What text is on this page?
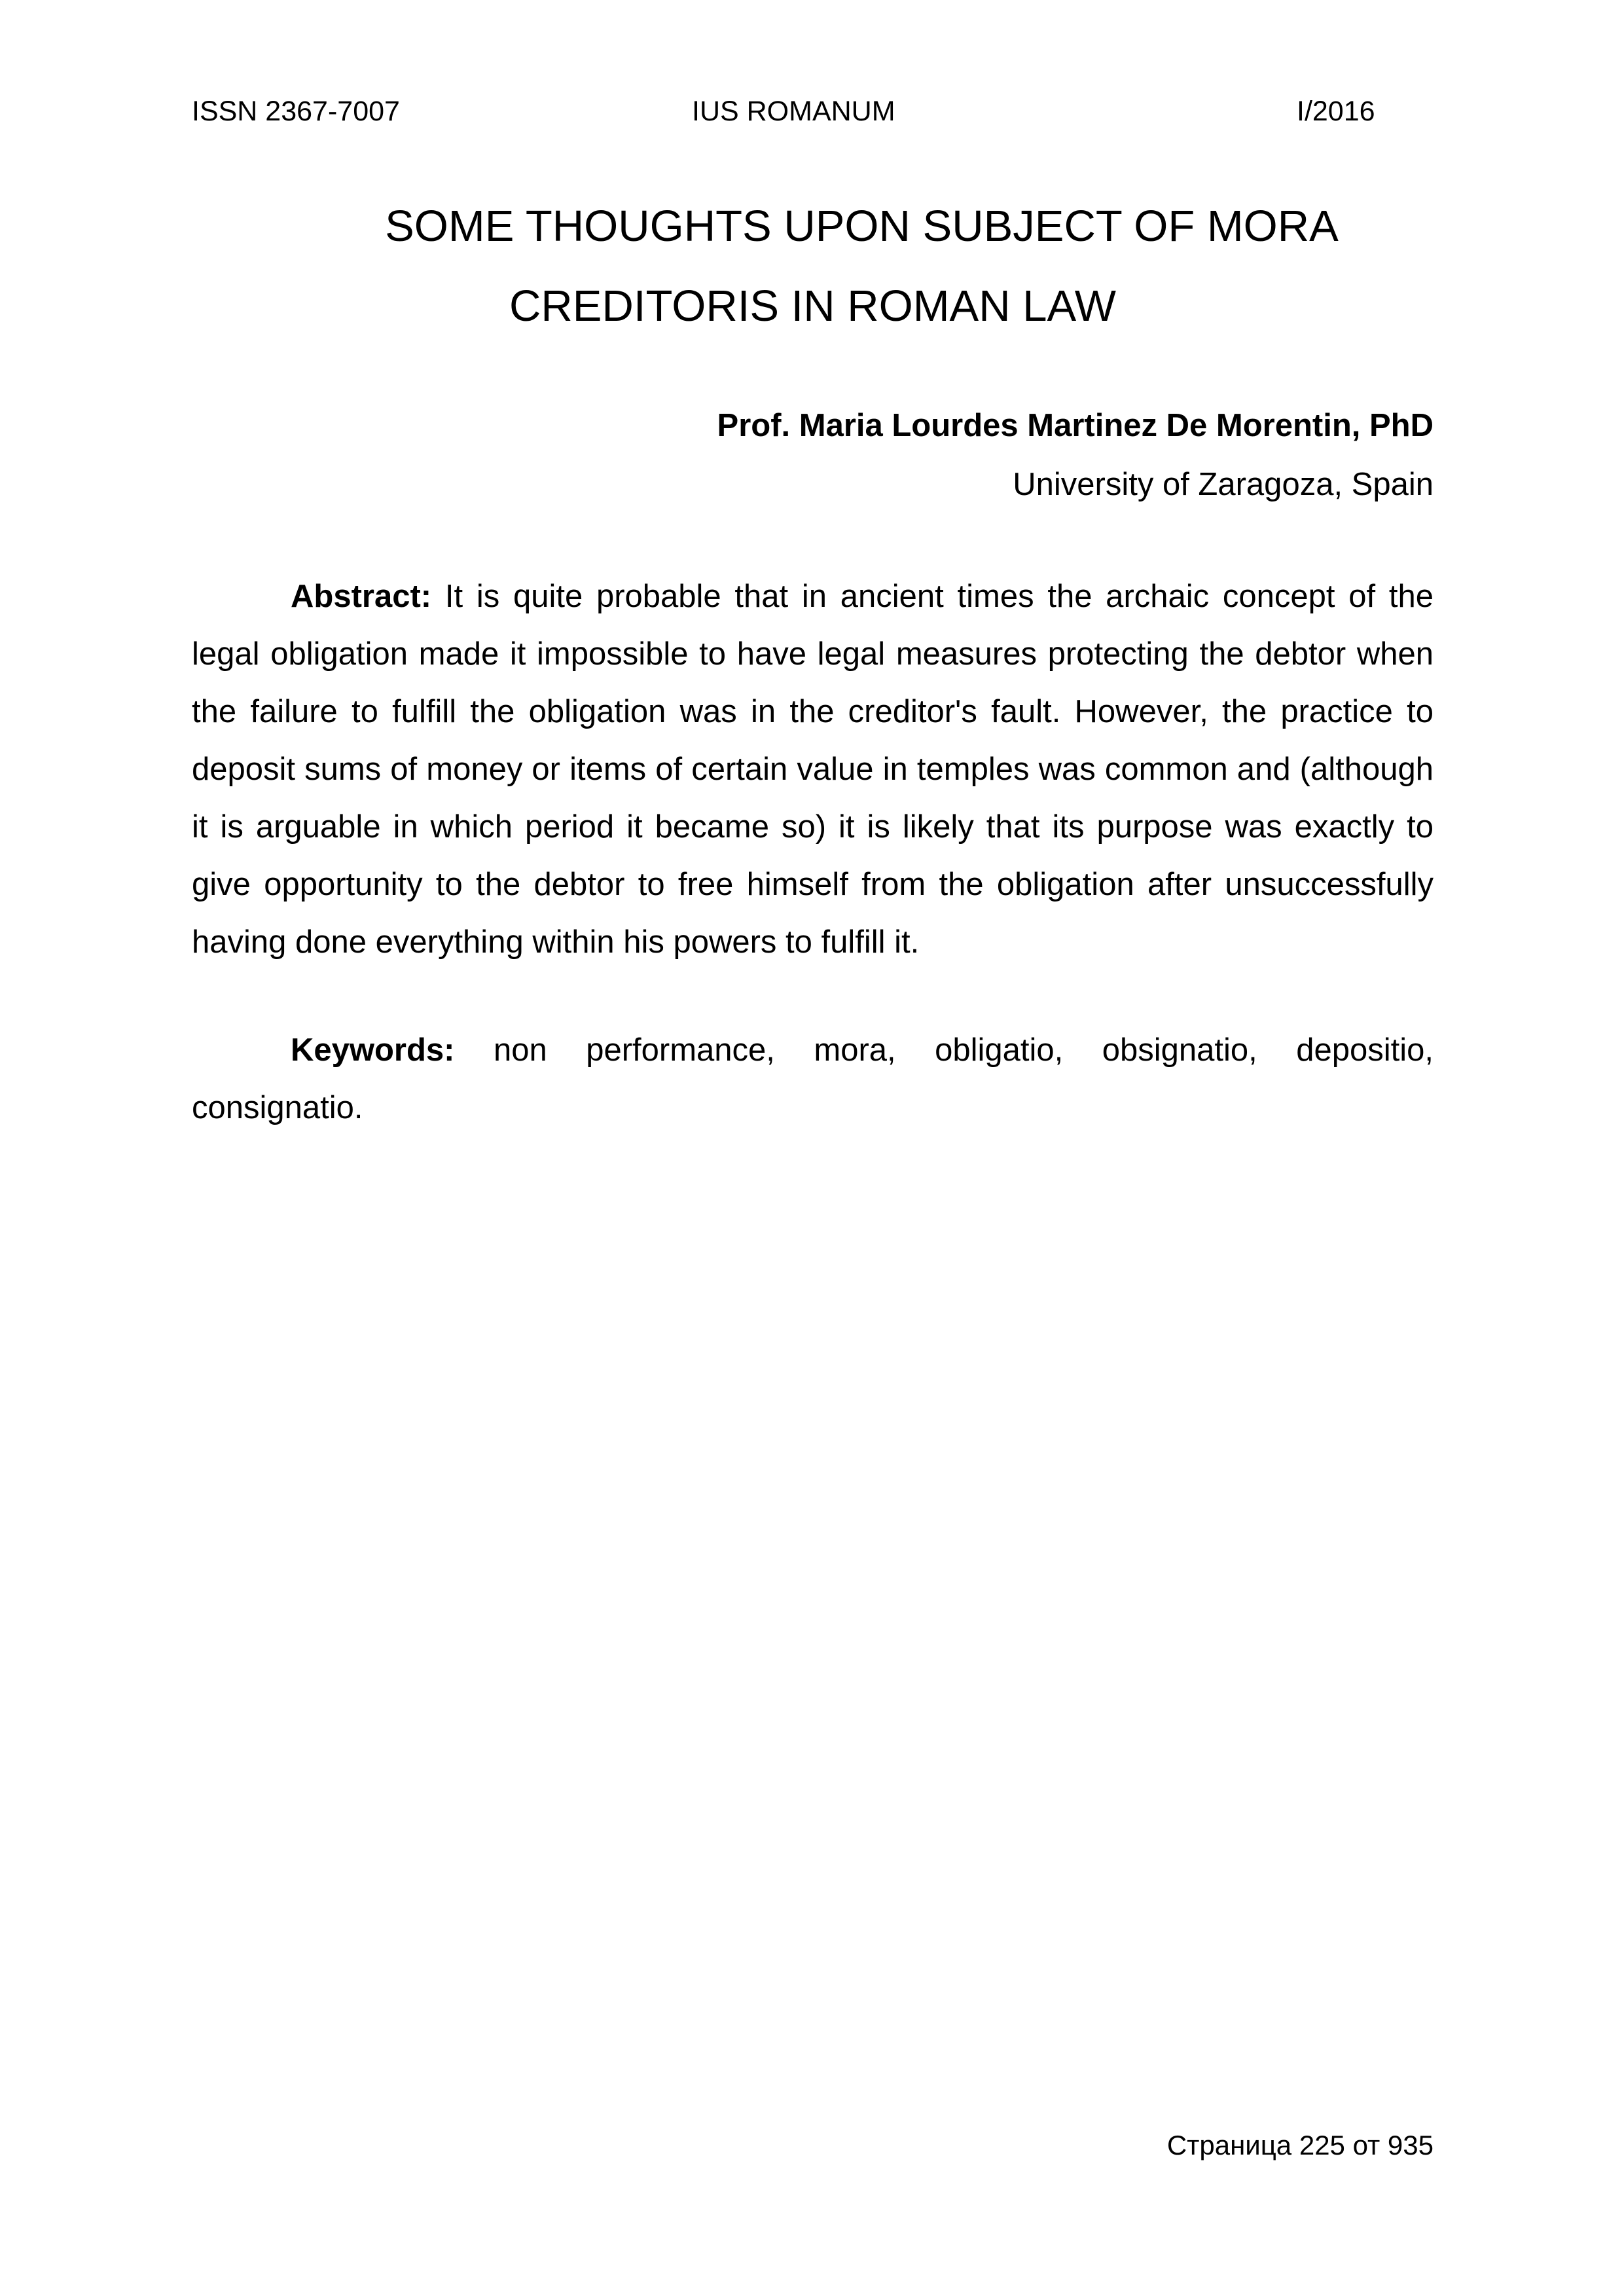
ISSN 2367-7007	IUS ROMANUM	I/2016
SOME THOUGHTS UPON SUBJECT OF MORA
CREDITORIS IN ROMAN LAW
Prof. Maria Lourdes Martinez De Morentin, PhD
University of Zaragoza, Spain
Abstract: It is quite probable that in ancient times the archaic concept of the
legal obligation made it impossible to have legal measures protecting the debtor when
the failure to fulfill the obligation was in the creditor's fault. However, the practice to
deposit sums of money or items of certain value in temples was common and (although
it is arguable in which period it became so) it is likely that its purpose was exactly to
give opportunity to the debtor to free himself from the obligation after unsuccessfully
having done everything within his powers to fulfill it.
Keywords: non performance, mora, obligatio, obsignatio, depositio,
consignatio.
Страница 225 от 935
